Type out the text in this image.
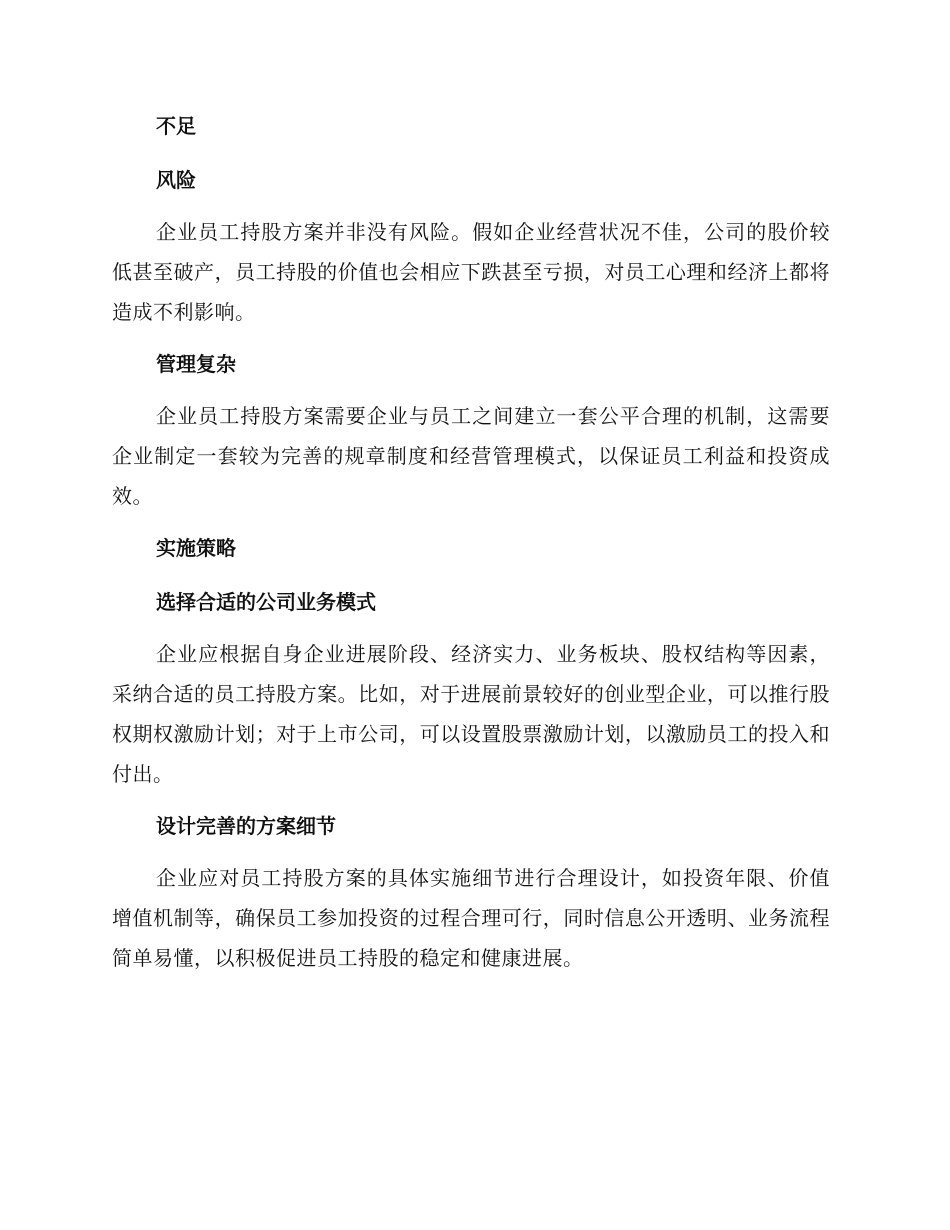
不足
风险

企业员工持股方案并非没有风险。假如企业经营状况不佳，公司的股价较低甚至破产，员工持股的价值也会相应下跌甚至亏损，对员工心理和经济上都将造成不利影响。

管理复杂

企业员工持股方案需要企业与员工之间建立一套公平合理的机制，这需要企业制定一套较为完善的规章制度和经营管理模式，以保证员工利益和投资成效。

实施策略
选择合适的公司业务模式

企业应根据自身企业进展阶段、经济实力、业务板块、股权结构等因素，采纳合适的员工持股方案。比如，对于进展前景较好的创业型企业，可以推行股权期权激励计划；对于上市公司，可以设置股票激励计划，以激励员工的投入和付出。

设计完善的方案细节

企业应对员工持股方案的具体实施细节进行合理设计，如投资年限、价值增值机制等，确保员工参加投资的过程合理可行，同时信息公开透明、业务流程简单易懂，以积极促进员工持股的稳定和健康进展。
